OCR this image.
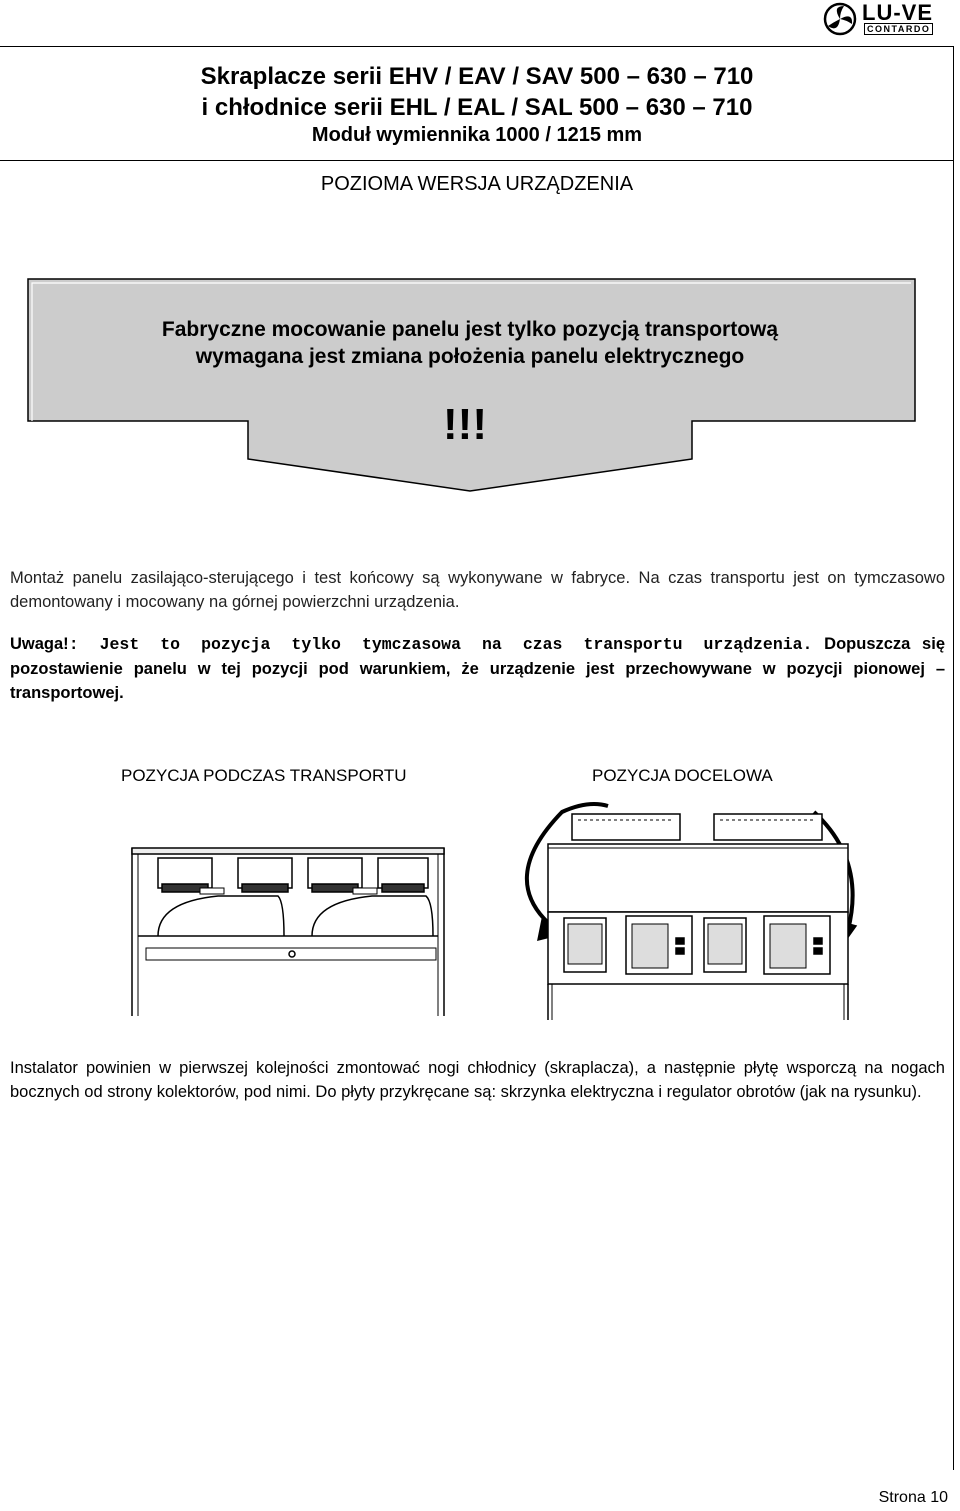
LU-VE
CONTARDO
Skraplacze serii EHV / EAV / SAV 500 – 630 – 710
i chłodnice serii EHL / EAL / SAL 500 – 630 – 710
Moduł wymiennika 1000 / 1215 mm
POZIOMA WERSJA URZĄDZENIA
Fabryczne mocowanie panelu jest tylko pozycją transportową
wymagana jest zmiana położenia panelu elektrycznego
!!!
Montaż panelu zasilająco-sterującego i test końcowy są wykonywane w fabryce. Na czas transportu jest on tymczasowo demontowany i mocowany na górnej powierzchni urządzenia.
Uwaga!: Jest to pozycja tylko tymczasowa na czas transportu urządzenia. Dopuszcza się pozostawienie panelu w tej pozycji pod warunkiem, że urządzenie jest przechowywane w pozycji pionowej – transportowej.
POZYCJA PODCZAS TRANSPORTU	POZYCJA DOCELOWA
Instalator powinien w pierwszej kolejności zmontować nogi chłodnicy (skraplacza), a następnie płytę wsporczą na nogach bocznych od strony kolektorów, pod nimi. Do płyty przykręcane są: skrzynka elektryczna i regulator obrotów (jak na rysunku).
Strona 10
